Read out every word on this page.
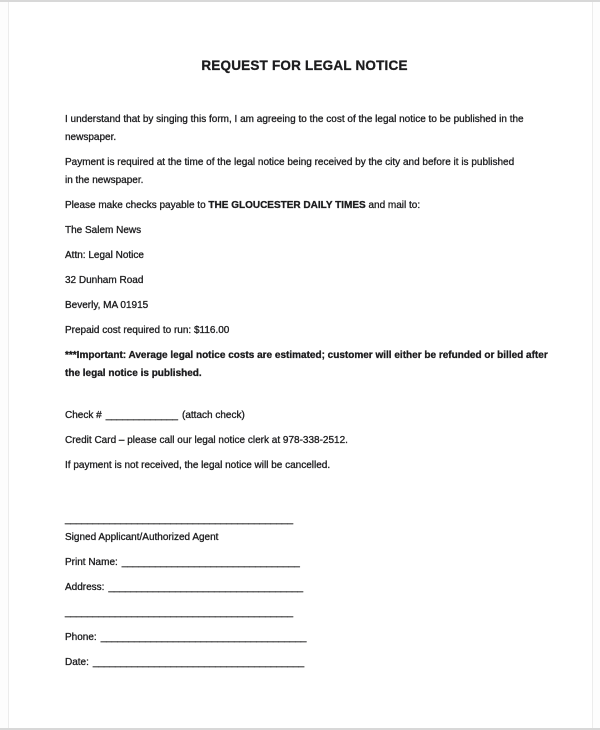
REQUEST FOR LEGAL NOTICE

I understand that by singing this form, I am agreeing to the cost of the legal notice to be published in the
newspaper.

Payment is required at the time of the legal notice being received by the city and before it is published
in the newspaper.

Please make checks payable to THE GLOUCESTER DAILY TIMES and mail to:

The Salem News

Attn: Legal Notice

32 Dunham Road

Beverly, MA 01915

Prepaid cost required to run: $116.00

***Important: Average legal notice costs are estimated; customer will either be refunded or billed after
the legal notice is published.

Check # _____________ (attach check)

Credit Card – please call our legal notice clerk at 978-338-2512.

If payment is not received, the legal notice will be cancelled.

_________________________________________

Signed Applicant/Authorized Agent

Print Name: ________________________________

Address: ___________________________________

_________________________________________

Phone: _____________________________________

Date: ______________________________________
